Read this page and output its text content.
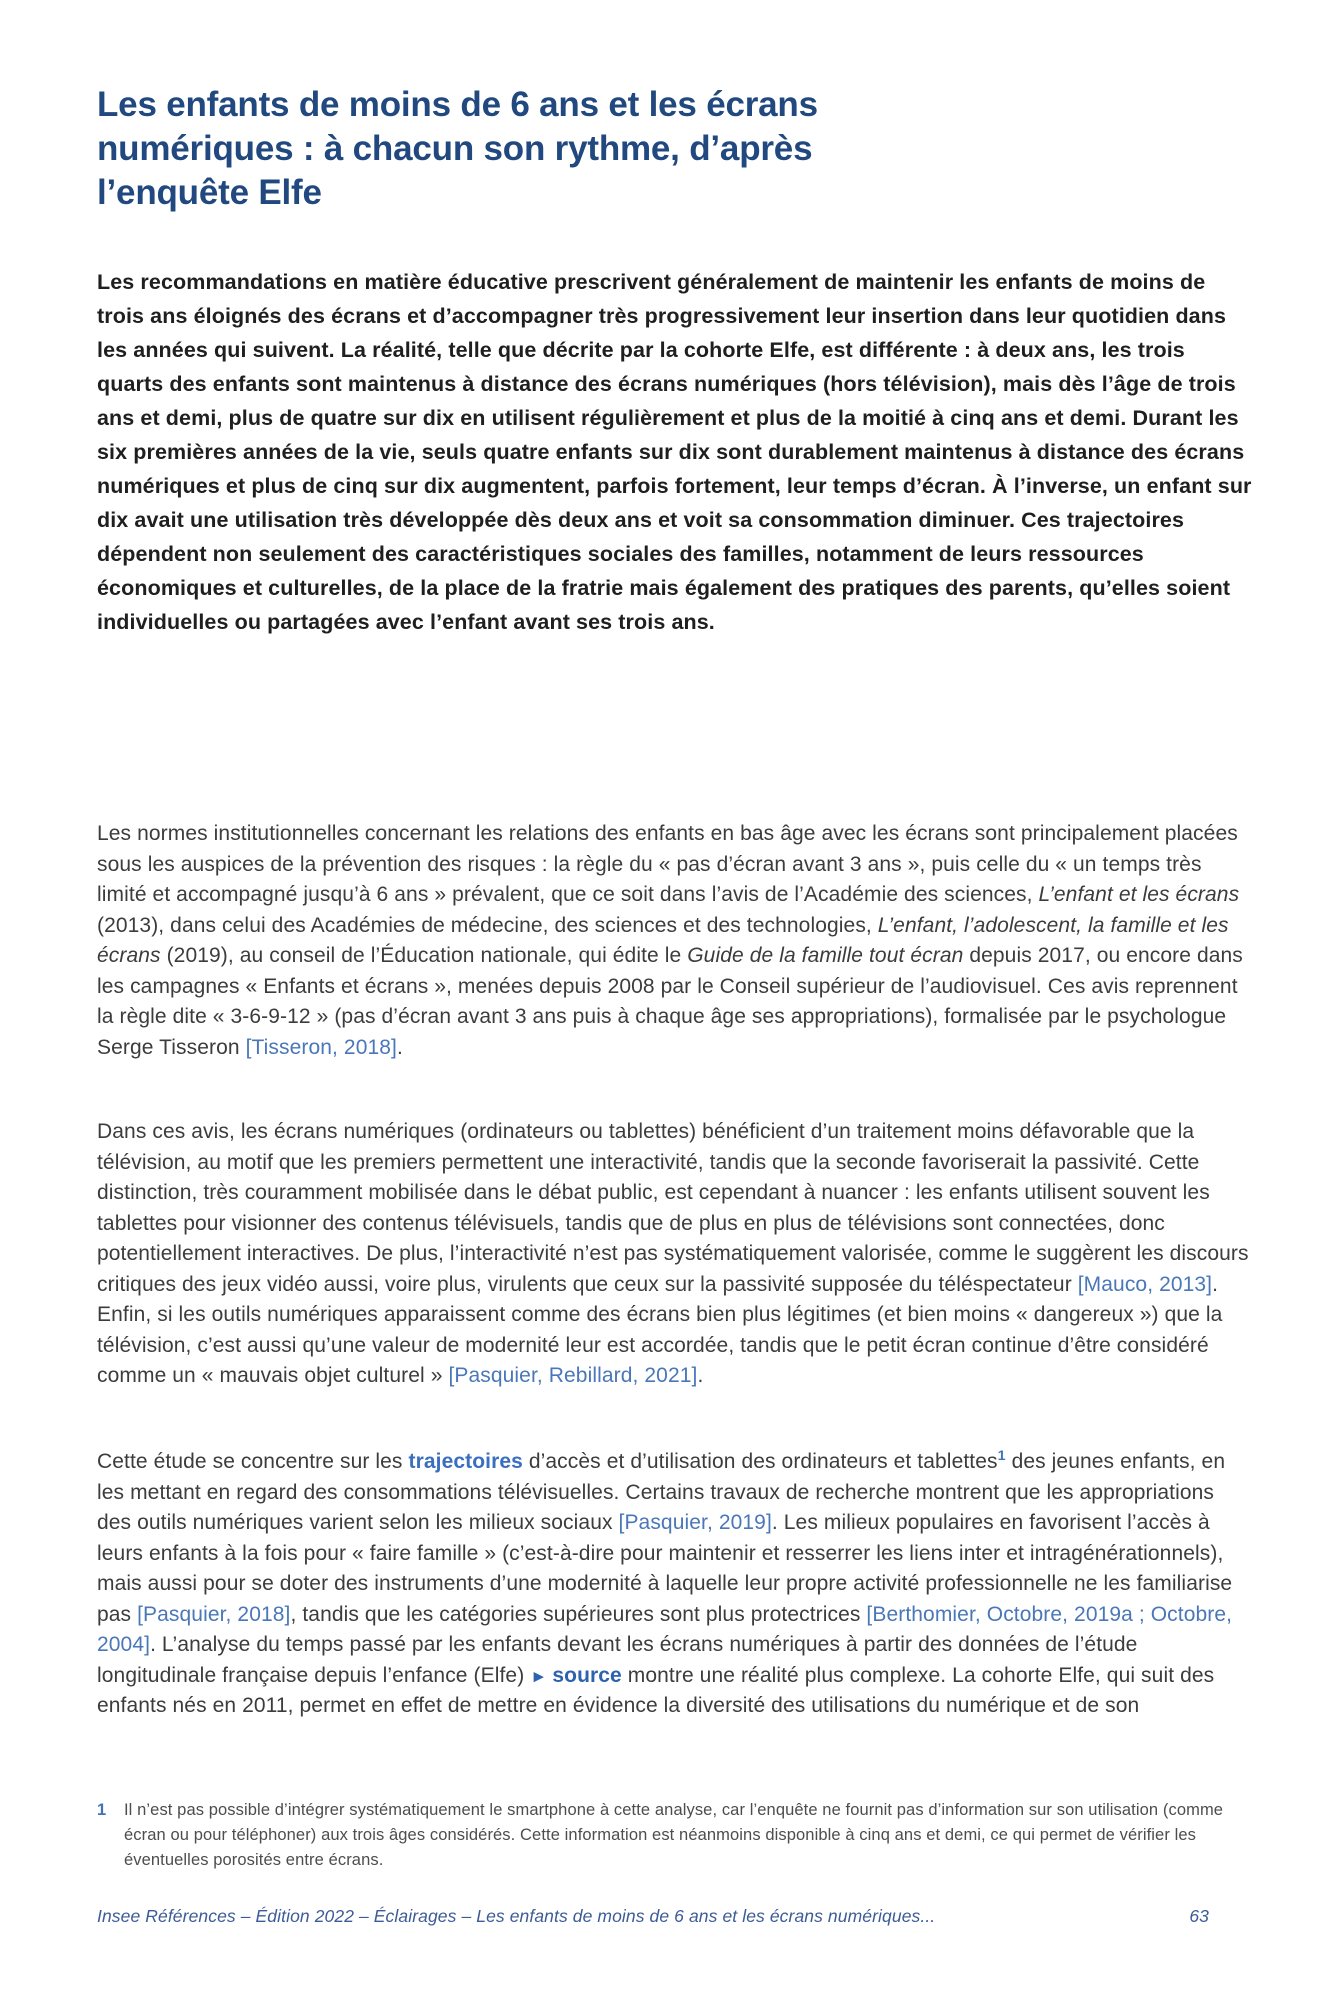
Les enfants de moins de 6 ans et les écrans
numériques : à chacun son rythme, d’après
l’enquête Elfe

Les recommandations en matière éducative prescrivent généralement de maintenir les enfants de moins de trois ans éloignés des écrans et d’accompagner très progressivement leur insertion dans leur quotidien dans les années qui suivent. La réalité, telle que décrite par la cohorte Elfe, est différente : à deux ans, les trois quarts des enfants sont maintenus à distance des écrans numériques (hors télévision), mais dès l’âge de trois ans et demi, plus de quatre sur dix en utilisent régulièrement et plus de la moitié à cinq ans et demi. Durant les six premières années de la vie, seuls quatre enfants sur dix sont durablement maintenus à distance des écrans numériques et plus de cinq sur dix augmentent, parfois fortement, leur temps d’écran. À l’inverse, un enfant sur dix avait une utilisation très développée dès deux ans et voit sa consommation diminuer. Ces trajectoires dépendent non seulement des caractéristiques sociales des familles, notamment de leurs ressources économiques et culturelles, de la place de la fratrie mais également des pratiques des parents, qu’elles soient individuelles ou partagées avec l’enfant avant ses trois ans.

Les normes institutionnelles concernant les relations des enfants en bas âge avec les écrans sont principalement placées sous les auspices de la prévention des risques : la règle du « pas d’écran avant 3 ans », puis celle du « un temps très limité et accompagné jusqu’à 6 ans » prévalent, que ce soit dans l’avis de l’Académie des sciences, L’enfant et les écrans (2013), dans celui des Académies de médecine, des sciences et des technologies, L’enfant, l’adolescent, la famille et les écrans (2019), au conseil de l’Éducation nationale, qui édite le Guide de la famille tout écran depuis 2017, ou encore dans les campagnes « Enfants et écrans », menées depuis 2008 par le Conseil supérieur de l’audiovisuel. Ces avis reprennent la règle dite « 3-6-9-12 » (pas d’écran avant 3 ans puis à chaque âge ses appropriations), formalisée par le psychologue Serge Tisseron [Tisseron, 2018].

Dans ces avis, les écrans numériques (ordinateurs ou tablettes) bénéficient d’un traitement moins défavorable que la télévision, au motif que les premiers permettent une interactivité, tandis que la seconde favoriserait la passivité. Cette distinction, très couramment mobilisée dans le débat public, est cependant à nuancer : les enfants utilisent souvent les tablettes pour visionner des contenus télévisuels, tandis que de plus en plus de télévisions sont connectées, donc potentiellement interactives. De plus, l’interactivité n’est pas systématiquement valorisée, comme le suggèrent les discours critiques des jeux vidéo aussi, voire plus, virulents que ceux sur la passivité supposée du téléspectateur [Mauco, 2013]. Enfin, si les outils numériques apparaissent comme des écrans bien plus légitimes (et bien moins « dangereux ») que la télévision, c’est aussi qu’une valeur de modernité leur est accordée, tandis que le petit écran continue d’être considéré comme un « mauvais objet culturel » [Pasquier, Rebillard, 2021].

Cette étude se concentre sur les trajectoires d’accès et d’utilisation des ordinateurs et tablettes$^1$ des jeunes enfants, en les mettant en regard des consommations télévisuelles. Certains travaux de recherche montrent que les appropriations des outils numériques varient selon les milieux sociaux [Pasquier, 2019]. Les milieux populaires en favorisent l’accès à leurs enfants à la fois pour « faire famille » (c’est-à-dire pour maintenir et resserrer les liens inter et intragénérationnels), mais aussi pour se doter des instruments d’une modernité à laquelle leur propre activité professionnelle ne les familiarise pas [Pasquier, 2018], tandis que les catégories supérieures sont plus protectrices [Berthomier, Octobre, 2019a ; Octobre, 2004]. L’analyse du temps passé par les enfants devant les écrans numériques à partir des données de l’étude longitudinale française depuis l’enfance (Elfe) ► source montre une réalité plus complexe. La cohorte Elfe, qui suit des enfants nés en 2011, permet en effet de mettre en évidence la diversité des utilisations du numérique et de son

1	Il n’est pas possible d’intégrer systématiquement le smartphone à cette analyse, car l’enquête ne fournit pas d’information sur son utilisation (comme écran ou pour téléphoner) aux trois âges considérés. Cette information est néanmoins disponible à cinq ans et demi, ce qui permet de vérifier les éventuelles porosités entre écrans.
Insee Références – Édition 2022 – Éclairages – Les enfants de moins de 6 ans et les écrans numériques...	63
